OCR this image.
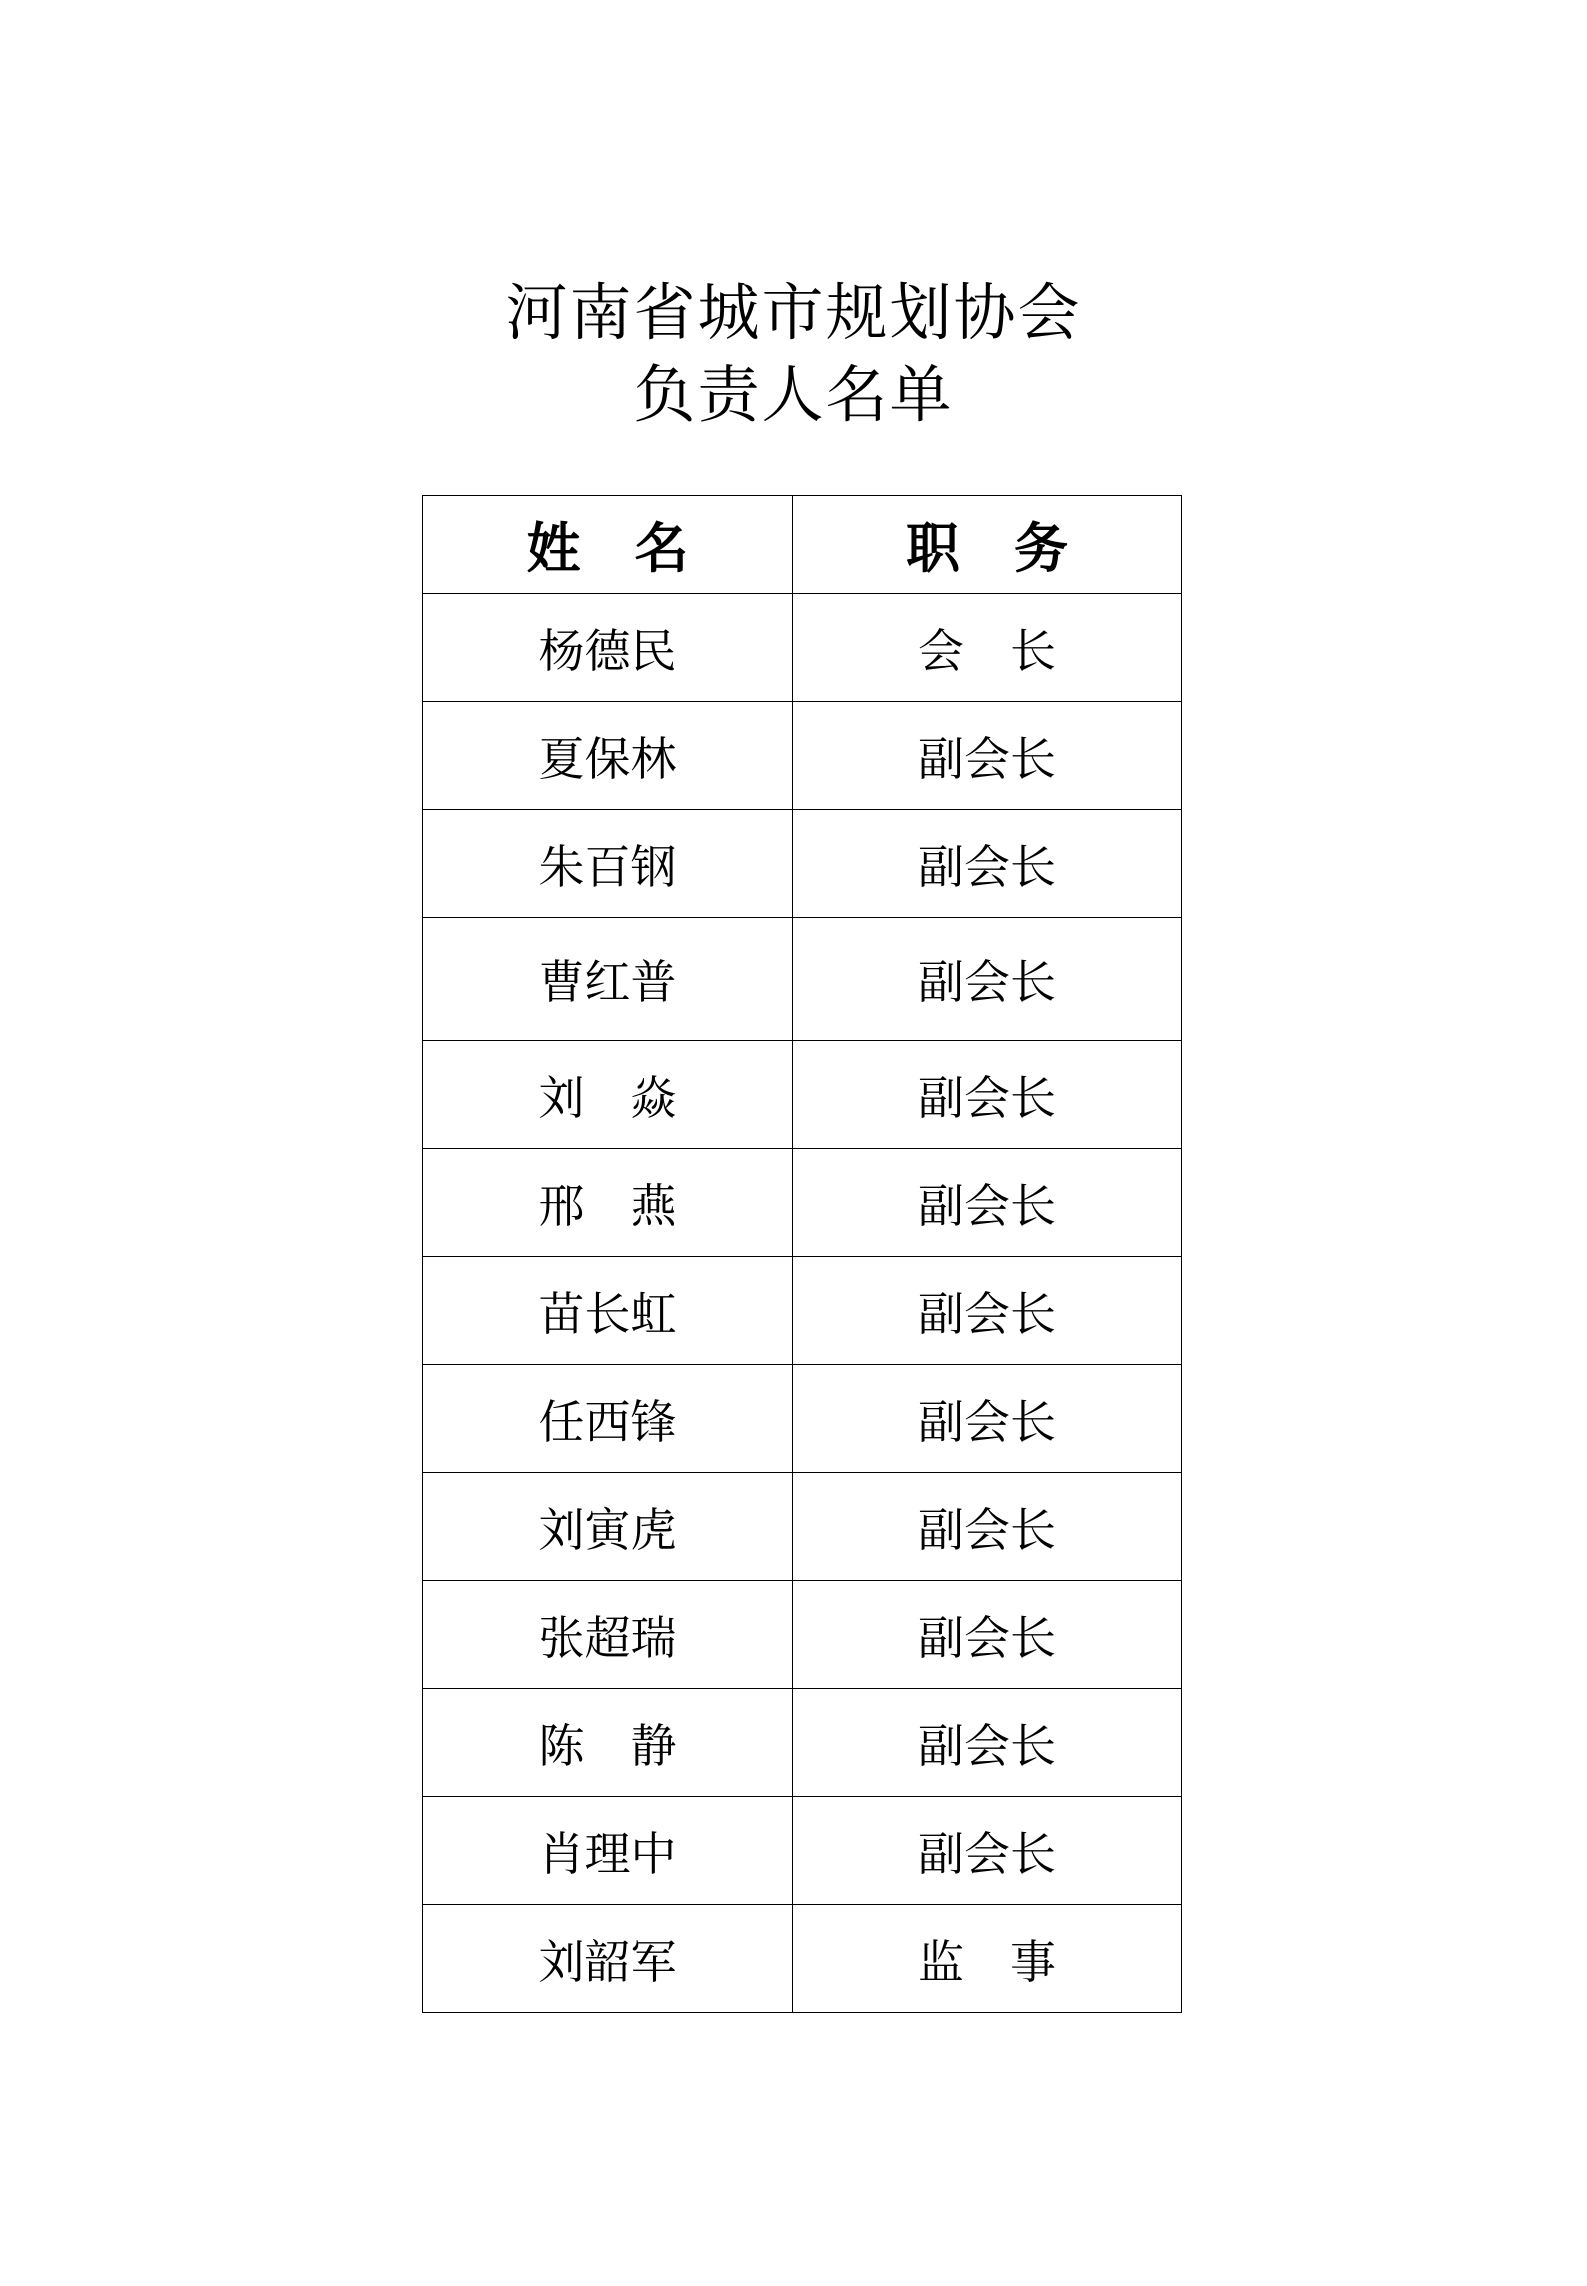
河南省城市规划协会
负责人名单
姓　名	职　务
杨德民	会　长
夏保林	副会长
朱百钢	副会长
曹红普	副会长
刘　焱	副会长
邢　燕	副会长
苗长虹	副会长
任西锋	副会长
刘寅虎	副会长
张超瑞	副会长
陈　静	副会长
肖理中	副会长
刘韶军	监　事
